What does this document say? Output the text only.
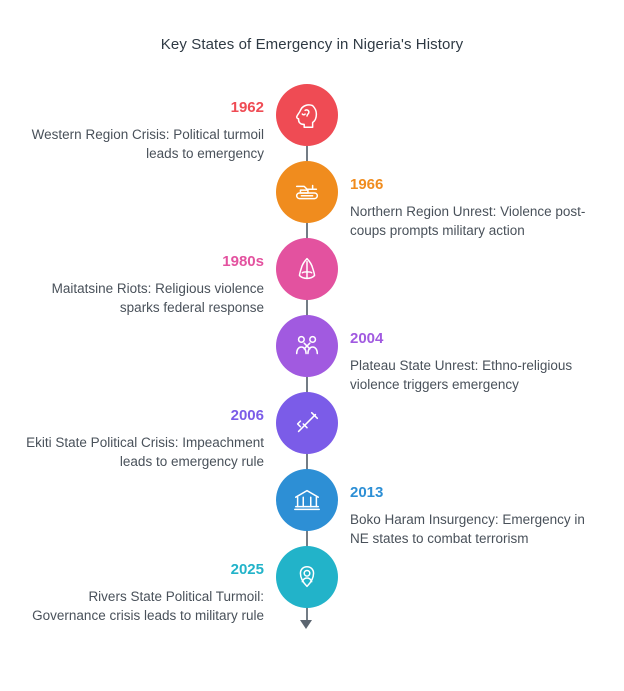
Key States of Emergency in Nigeria's History
1962
Western Region Crisis: Political turmoil leads to emergency
1966
Northern Region Unrest: Violence post-coups prompts military action
1980s
Maitatsine Riots: Religious violence sparks federal response
2004
Plateau State Unrest: Ethno-religious violence triggers emergency
2006
Ekiti State Political Crisis: Impeachment leads to emergency rule
2013
Boko Haram Insurgency: Emergency in NE states to combat terrorism
2025
Rivers State Political Turmoil: Governance crisis leads to military rule
